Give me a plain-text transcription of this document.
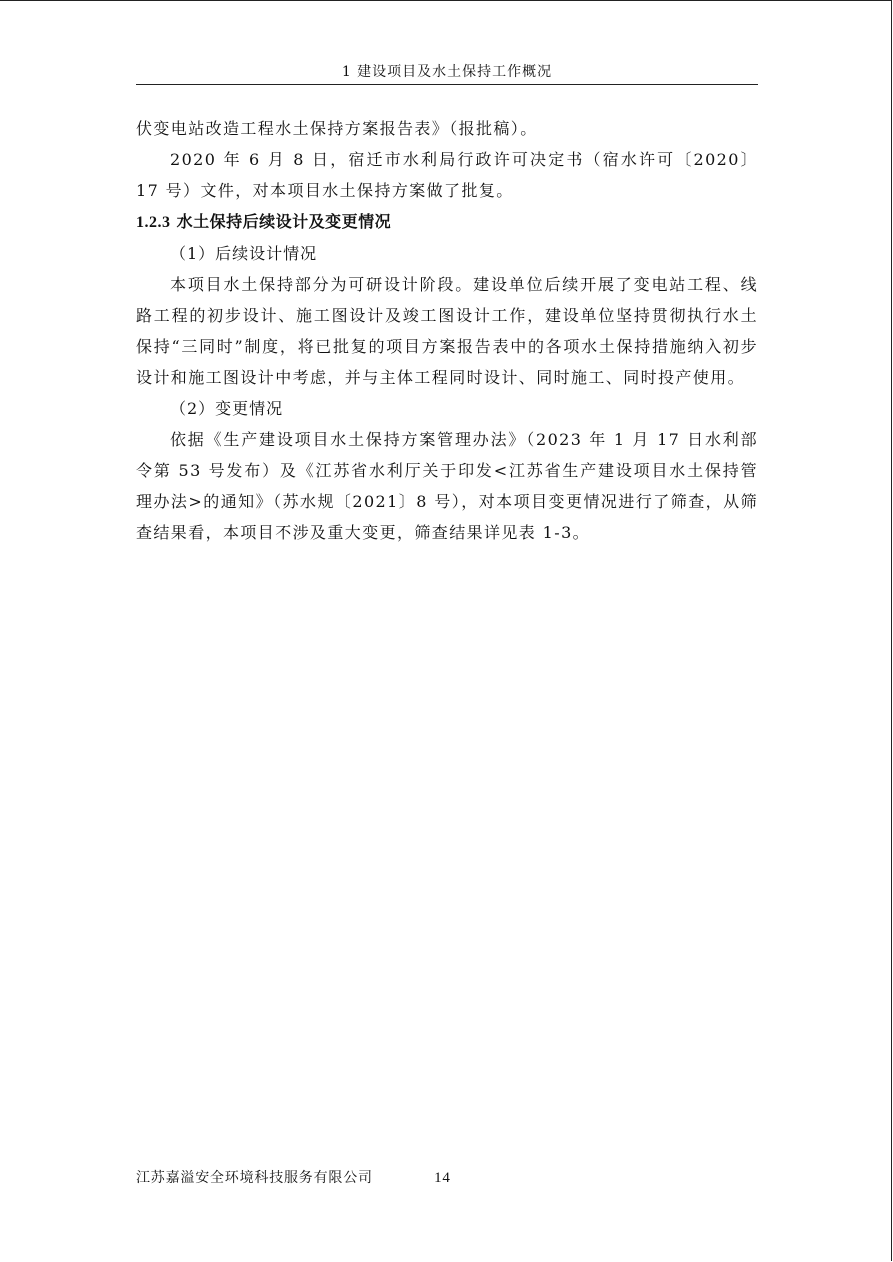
1 建设项目及水土保持工作概况

伏变电站改造工程水土保持方案报告表》（报批稿）。

2020 年 6 月 8 日，宿迁市水利局行政许可决定书（宿水许可〔2020〕17 号）文件，对本项目水土保持方案做了批复。

1.2.3 水土保持后续设计及变更情况

（1）后续设计情况

本项目水土保持部分为可研设计阶段。建设单位后续开展了变电站工程、线路工程的初步设计、施工图设计及竣工图设计工作，建设单位坚持贯彻执行水土保持“三同时”制度，将已批复的项目方案报告表中的各项水土保持措施纳入初步设计和施工图设计中考虑，并与主体工程同时设计、同时施工、同时投产使用。

（2）变更情况

依据《生产建设项目水土保持方案管理办法》（2023 年 1 月 17 日水利部令第 53 号发布）及《江苏省水利厅关于印发<江苏省生产建设项目水土保持管理办法>的通知》（苏水规〔2021〕8 号），对本项目变更情况进行了筛查，从筛查结果看，本项目不涉及重大变更，筛查结果详见表 1-3。

江苏嘉溢安全环境科技服务有限公司	14
